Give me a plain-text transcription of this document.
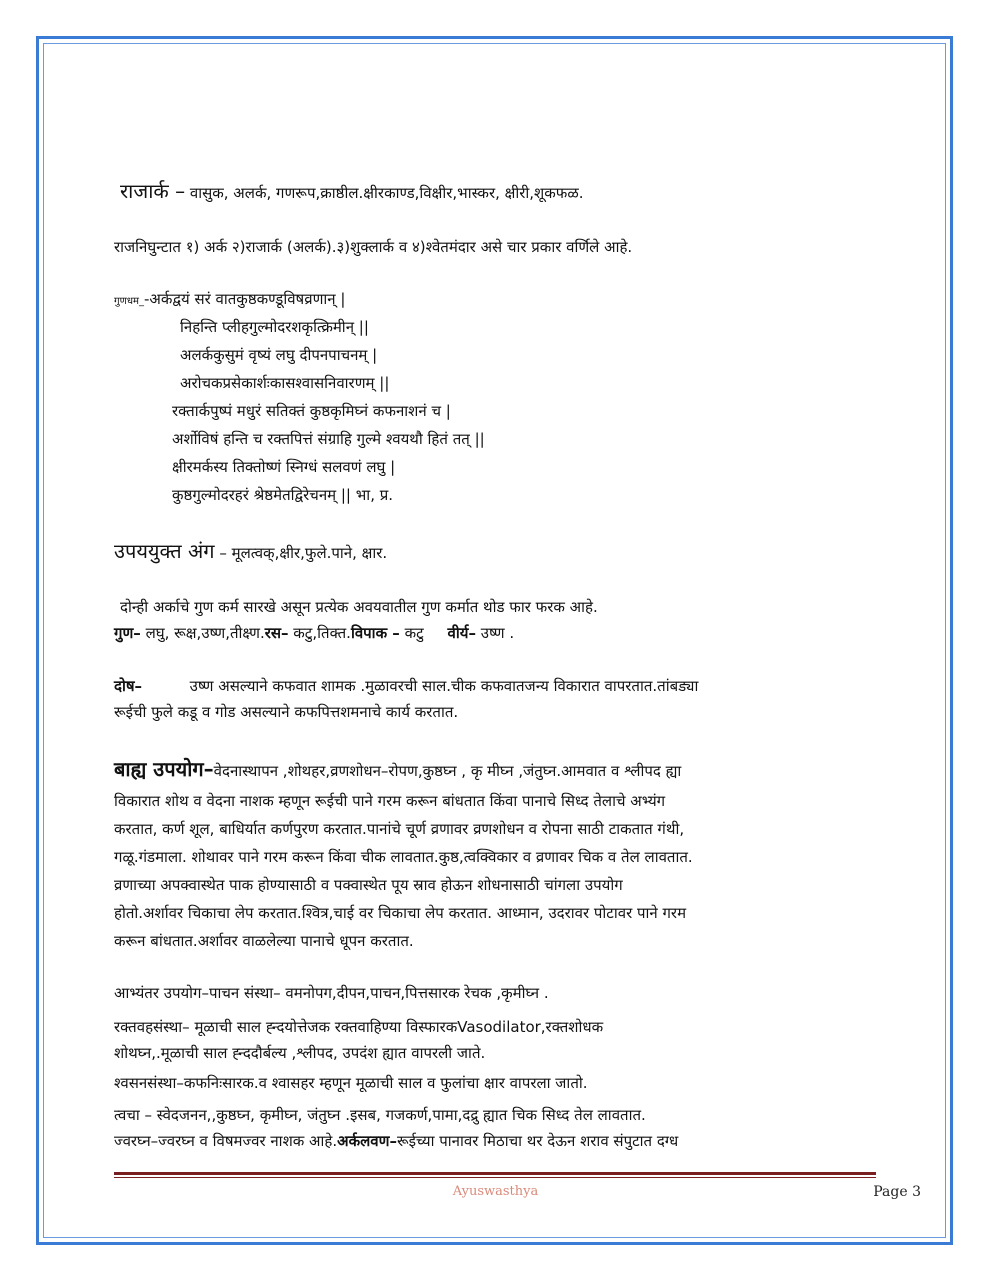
राजार्क – वासुक, अलर्क, गणरूप,क्राष्ठील.क्षीरकाण्ड,विक्षीर,भास्कर, क्षीरी,शूकफळ.
राजनिघुन्टात १) अर्क २)राजार्क (अलर्क).३)शुक्लार्क व ४)श्वेतमंदार असे चार प्रकार वर्णिले आहे.
गुणधम_-अर्कद्वयं सरं वातकुष्ठकण्डूविषव्रणान् |
निहन्ति प्लीहगुल्मोदरशकृत्क्रिमीन् ||
अलर्ककुसुमं वृष्यं लघु दीपनपाचनम् |
अरोचकप्रसेकार्शःकासश्वासनिवारणम् ||
रक्तार्कपुष्पं मधुरं सतिक्तं कुष्ठकृमिघ्नं कफनाशनं च |
अर्शोविषं हन्ति च रक्तपित्तं संग्राहि गुल्मे श्वयथौ हितं तत् ||
क्षीरमर्कस्य तिक्तोष्णं स्निग्धं सलवणं लघु |
कुष्ठगुल्मोदरहरं श्रेष्ठमेतद्विरेचनम् || भा, प्र.
उपययुक्त अंग – मूलत्वक्,क्षीर,फुले.पाने, क्षार.
दोन्ही अर्काचे गुण कर्म सारखे असून प्रत्येक अवयवातील गुण कर्मात थोड फार फरक आहे.
गुण– लघु, रूक्ष,उष्ण,तीक्ष्ण.रस– कटु,तिक्त.विपाक – कटु वीर्य– उष्ण .
दोष–	उष्ण असल्याने कफवात शामक .मुळावरची साल.चीक कफवातजन्य विकारात वापरतात.तांबड्या
रूईची फुले कडू व गोड असल्याने कफपित्तशमनाचे कार्य करतात.
बाह्य उपयोग–वेदनास्थापन ,शोथहर,व्रणशोधन–रोपण,कुष्ठघ्न , कृ मीघ्न ,जंतुघ्न.आमवात व श्लीपद ह्या
विकारात शोथ व वेदना नाशक म्हणून रूईची पाने गरम करून बांधतात किंवा पानाचे सिध्द तेलाचे अभ्यंग
करतात, कर्ण शूल, बाधिर्यात कर्णपुरण करतात.पानांचे चूर्ण व्रणावर व्रणशोधन व रोपना साठी टाकतात गंथी,
गळू.गंडमाला. शोथावर पाने गरम करून किंवा चीक लावतात.कुष्ठ,त्वक्विकार व व्रणावर चिक व तेल लावतात.
व्रणाच्या अपक्वास्थेत पाक होण्यासाठी व पक्वास्थेत पूय स्राव होऊन शोधनासाठी चांगला उपयोग
होतो.अर्शावर चिकाचा लेप करतात.श्वित्र,चाई वर चिकाचा लेप करतात. आध्मान, उदरावर पोटावर पाने गरम
करून बांधतात.अर्शावर वाळलेल्या पानाचे धूपन करतात.
आभ्यंतर उपयोग–पाचन संस्था– वमनोपग,दीपन,पाचन,पित्तसारक रेचक ,कृमीघ्न .
रक्तवहसंस्था– मूळाची साल ह्न्दयोत्तेजक रक्तवाहिण्या विस्फारकVasodilator,रक्तशोधक
शोथघ्न,.मूळाची साल ह्न्ददौर्बल्य ,श्लीपद, उपदंश ह्यात वापरली जाते.
श्वसनसंस्था–कफनिःसारक.व श्वासहर म्हणून मूळाची साल व फुलांचा क्षार वापरला जातो.
त्वचा – स्वेदजनन,,कुष्ठघ्न, कृमीघ्न, जंतुघ्न .इसब, गजकर्ण,पामा,दद्रु ह्यात चिक सिध्द तेल लावतात.
ज्वरघ्न–ज्वरघ्न व विषमज्वर नाशक आहे.अर्कलवण–रूईच्या पानावर मिठाचा थर देऊन शराव संपुटात दग्ध
Ayuswasthya	Page 3
